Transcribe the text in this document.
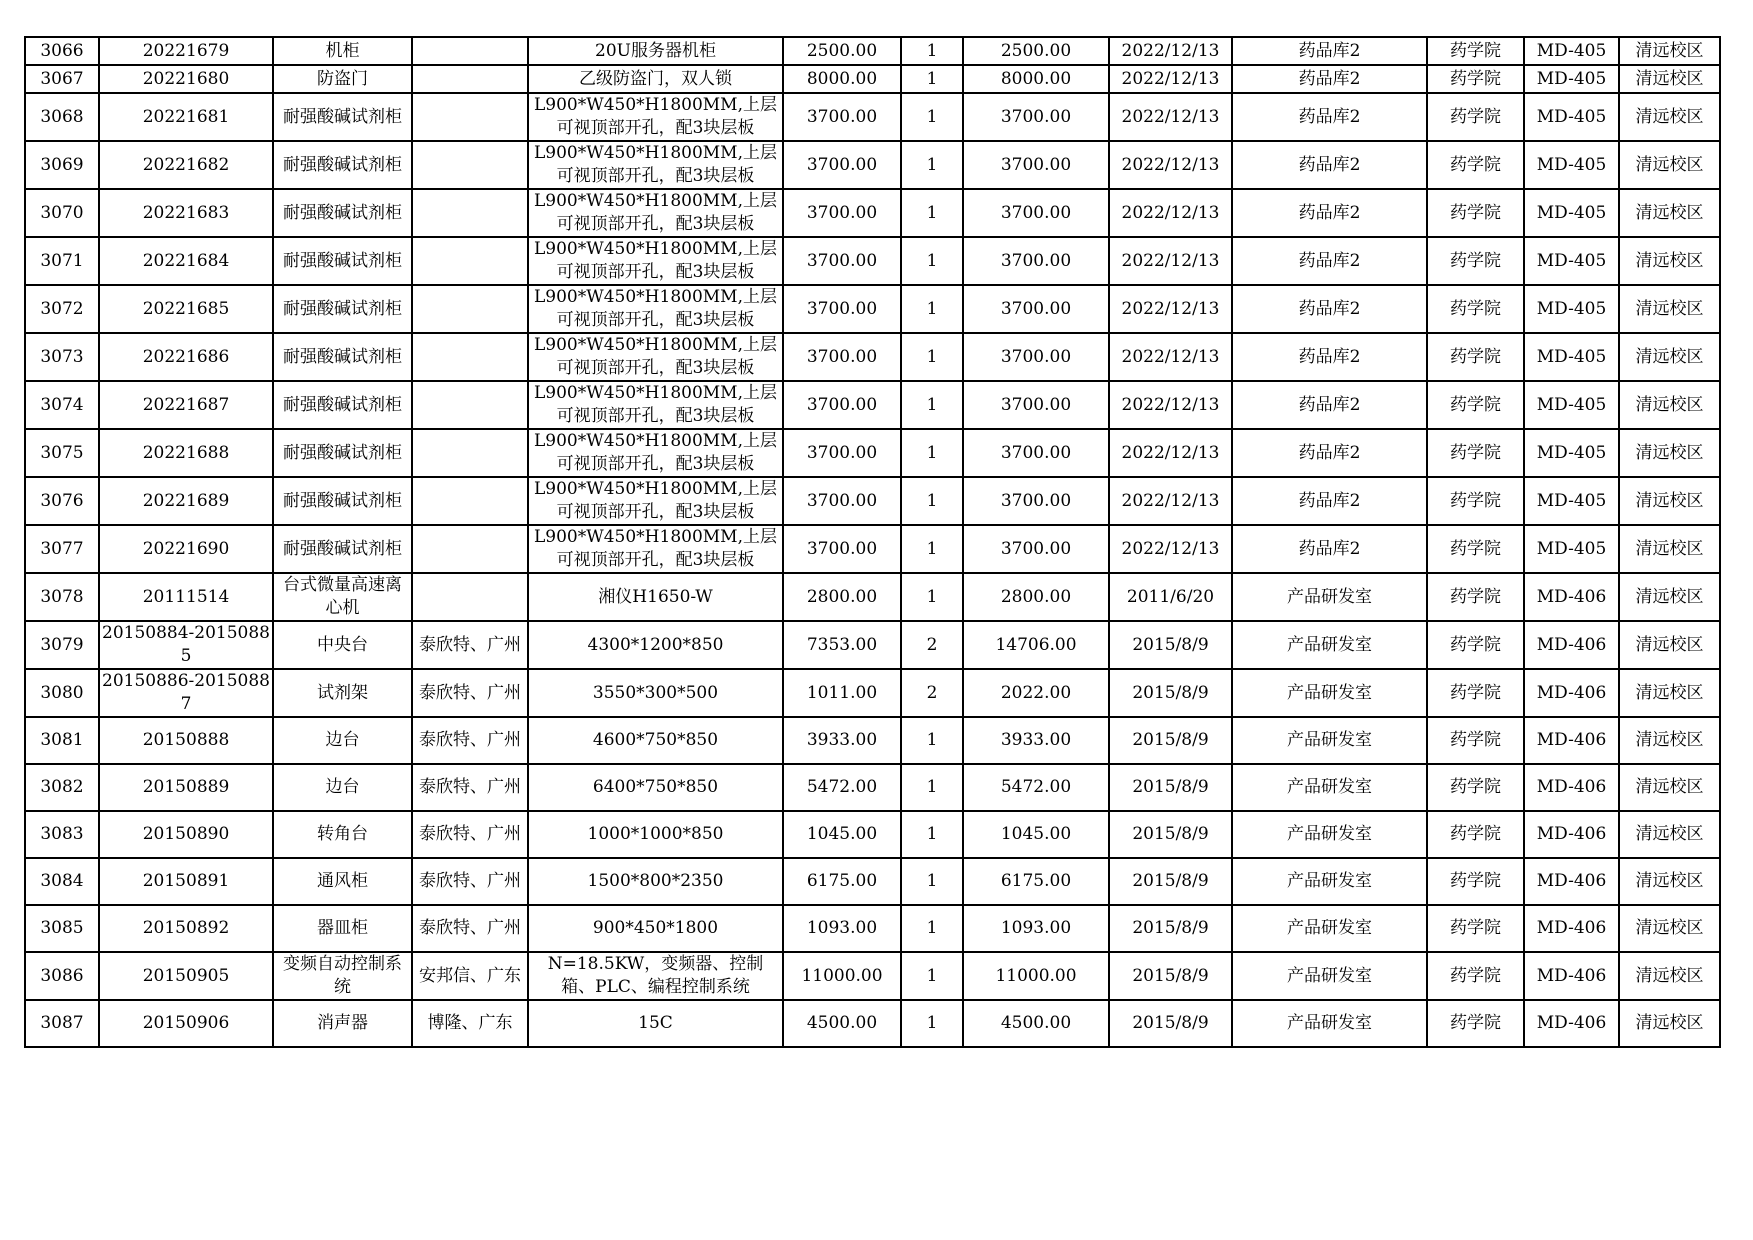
3066	20221679	机柜		20U服务器机柜	2500.00	1	2500.00	2022/12/13	药品库2	药学院	MD-405	清远校区
3067	20221680	防盗门		乙级防盗门，双人锁	8000.00	1	8000.00	2022/12/13	药品库2	药学院	MD-405	清远校区
3068	20221681	耐强酸碱试剂柜		L900*W450*H1800MM,上层可视顶部开孔，配3块层板	3700.00	1	3700.00	2022/12/13	药品库2	药学院	MD-405	清远校区
3069	20221682	耐强酸碱试剂柜		L900*W450*H1800MM,上层可视顶部开孔，配3块层板	3700.00	1	3700.00	2022/12/13	药品库2	药学院	MD-405	清远校区
3070	20221683	耐强酸碱试剂柜		L900*W450*H1800MM,上层可视顶部开孔，配3块层板	3700.00	1	3700.00	2022/12/13	药品库2	药学院	MD-405	清远校区
3071	20221684	耐强酸碱试剂柜		L900*W450*H1800MM,上层可视顶部开孔，配3块层板	3700.00	1	3700.00	2022/12/13	药品库2	药学院	MD-405	清远校区
3072	20221685	耐强酸碱试剂柜		L900*W450*H1800MM,上层可视顶部开孔，配3块层板	3700.00	1	3700.00	2022/12/13	药品库2	药学院	MD-405	清远校区
3073	20221686	耐强酸碱试剂柜		L900*W450*H1800MM,上层可视顶部开孔，配3块层板	3700.00	1	3700.00	2022/12/13	药品库2	药学院	MD-405	清远校区
3074	20221687	耐强酸碱试剂柜		L900*W450*H1800MM,上层可视顶部开孔，配3块层板	3700.00	1	3700.00	2022/12/13	药品库2	药学院	MD-405	清远校区
3075	20221688	耐强酸碱试剂柜		L900*W450*H1800MM,上层可视顶部开孔，配3块层板	3700.00	1	3700.00	2022/12/13	药品库2	药学院	MD-405	清远校区
3076	20221689	耐强酸碱试剂柜		L900*W450*H1800MM,上层可视顶部开孔，配3块层板	3700.00	1	3700.00	2022/12/13	药品库2	药学院	MD-405	清远校区
3077	20221690	耐强酸碱试剂柜		L900*W450*H1800MM,上层可视顶部开孔，配3块层板	3700.00	1	3700.00	2022/12/13	药品库2	药学院	MD-405	清远校区
3078	20111514	台式微量高速离心机		湘仪H1650-W	2800.00	1	2800.00	2011/6/20	产品研发室	药学院	MD-406	清远校区
3079	20150884-20150885	中央台	泰欣特、广州	4300*1200*850	7353.00	2	14706.00	2015/8/9	产品研发室	药学院	MD-406	清远校区
3080	20150886-20150887	试剂架	泰欣特、广州	3550*300*500	1011.00	2	2022.00	2015/8/9	产品研发室	药学院	MD-406	清远校区
3081	20150888	边台	泰欣特、广州	4600*750*850	3933.00	1	3933.00	2015/8/9	产品研发室	药学院	MD-406	清远校区
3082	20150889	边台	泰欣特、广州	6400*750*850	5472.00	1	5472.00	2015/8/9	产品研发室	药学院	MD-406	清远校区
3083	20150890	转角台	泰欣特、广州	1000*1000*850	1045.00	1	1045.00	2015/8/9	产品研发室	药学院	MD-406	清远校区
3084	20150891	通风柜	泰欣特、广州	1500*800*2350	6175.00	1	6175.00	2015/8/9	产品研发室	药学院	MD-406	清远校区
3085	20150892	器皿柜	泰欣特、广州	900*450*1800	1093.00	1	1093.00	2015/8/9	产品研发室	药学院	MD-406	清远校区
3086	20150905	变频自动控制系统	安邦信、广东	N=18.5KW，变频器、控制箱、PLC、编程控制系统	11000.00	1	11000.00	2015/8/9	产品研发室	药学院	MD-406	清远校区
3087	20150906	消声器	博隆、广东	15C	4500.00	1	4500.00	2015/8/9	产品研发室	药学院	MD-406	清远校区
